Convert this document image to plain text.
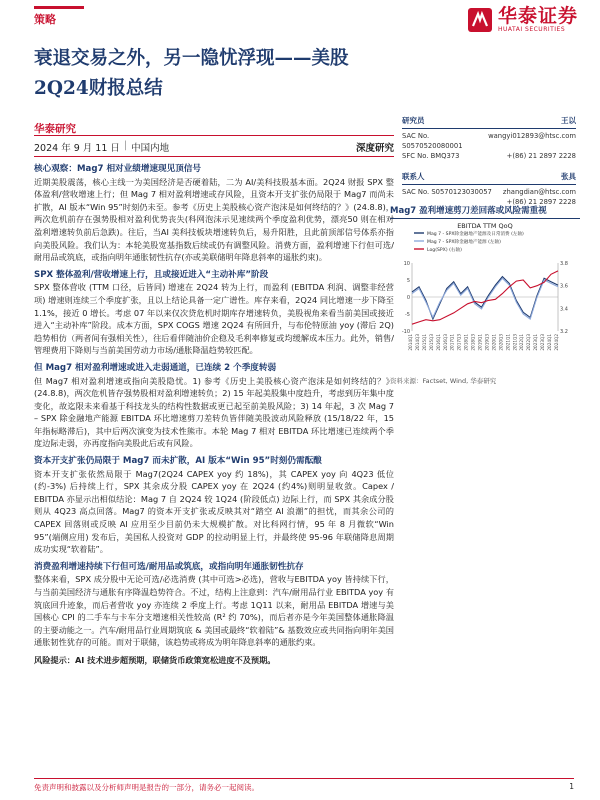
策略	华泰证券
HUATAI SECURITIES
衰退交易之外，另一隐忧浮现——美股2Q24财报总结
华泰研究
2024 年 9 月 11 日 | 中国内地	深度研究
核心观察：Mag7 相对业绩增速现见顶信号
近期美股震荡，核心主线一为美国经济是否硬着陆，二为 AI/美科技股基本面。2Q24 财报 SPX 整体盈利/营收增速上行；但 Mag 7 相对盈利增速或存风险，且资本开支扩张仍局限于 Mag7 而尚未扩散，AI 版本“Win 95”时刻仍未至。参考《历史上美股核心资产泡沫是如何终结的？》(24.8.8)，两次危机前存在强势股相对盈利优势丧失(科网泡沫示见速续两个季度盈利优势，漂亮50 则在相对盈利增速转负前后急跌)。往后，当AI 美科技板块增速转负后，易升阳胜，且此前顶部信号体系亦指向美股风险。我们认为：本轮美股宽基指数后续或仍有调整风险。消费方面，盈利增速下行但可选/耐用品或筑底，或指向明年通胀韧性抗存(亦或美联储明年降息斜率的遥胀约束)。
SPX 整体盈利/营收增速上行，且或接近进入“主动补库”阶段
SPX 整体营收 (TTM 口径，后皆同) 增速在 2Q24 转为上行，而盈利 (EBITDA 利润、调整非经营项) 增速则连续三个季度扩张，且以上结论具备一定广谱性。库存来看，2Q24 同比增速一步下降至 1.1%，接近 0 增长。考虑 07 年以来仅次贷危机时期库存增速转负，美股视角来看当前美国或接近进入“主动补库”阶段。成本方面，SPX COGS 增速 2Q24 有所回升，与布伦特原油 yoy (滞后 2Q) 趋势相仿（两者间有强相关性），往后看伴随油价企稳及毛利率修复或均缓解成本压力。此外，销售/管理费用下降则与当前美国劳动力市场/通胀降温趋势较匹配。
但 Mag7 相对盈利增速或进入走弱通道，已连续 2 个季度转弱
但 Mag7 相对盈利增速或指向美股隐忧。1) 参考《历史上美股核心资产泡沫是如何终结的？》(24.8.8)，两次危机皆存强势股相对盈利增速转负；2) 15 年起美股集中度趋升，考虑到历年集中度变化，故迄限未来看基于科技龙头的结构性数据或更已起至前美股风险；3) 14 年起，3 次 Mag 7 – SPX 除金融地产能源 EBITDA 环比增速剪刀差转负皆伴随美股波动风险释放 (15/18/22 年，15 年指标略滞后)，其中后两次演变为技术性熊市。本轮 Mag 7 相对 EBITDA 环比增速已连续两个季度边际走弱，亦再度指向美股此后或有风险。
资本开支扩张仍局限于 Mag7 而未扩散，AI 版本“Win 95”时刻仍需酝酿
资本开支扩张依然局限于 Mag7(2Q24 CAPEX yoy 约 18%)，其 CAPEX yoy 向 4Q23 低位 (约-3%) 后持续上行，SPX 其余成分股 CAPEX yoy 在 2Q24 (约4%)则明显收敛。Capex / EBITDA 亦显示出相似结论：Mag 7 自 2Q24 较 1Q24 (阶段低点) 边际上行，而 SPX 其余成分股则从 4Q23 高点回落。Mag7 的资本开支扩张或反映其对“踏空 AI 浪潮”的担忧，而其余公司的 CAPEX 回落则或反映 AI 应用至少目前仍未大规模扩散。对比科网行情，95 年 8 月微软“Win 95”(端侧应用) 发布后，美国私人投资对 GDP 的拉动明显上行，并最终使 95-96 年联储降息周期成功实现“软着陆”。
消费盈利增速持续下行但可选/耐用品或筑底，或指向明年通胀韧性抗存
整体来看，SPX 成分股中无论可选/必选消费 (其中可选>必选)，营收与EBITDA yoy 皆持续下行，与当前美国经济与通胀有序降温趋势符合。不过，结构上注意到：汽车/耐用品行业 EBITDA yoy 有筑底回升迹象，而后者营收 yoy 亦连续 2 季度上行。考虑 1Q11 以来，耐用品 EBITDA 增速与美国核心 CPI 的二手车与卡车分支增速相关性较高 (R² 约 70%)，而后者亦是今年美国整体通胀降温的主要动能之一。汽车/耐用品行业周期筑底 & 美国或最终“软着陆”& 基数效应或共同指向明年美国通胀韧性犹存的可能。而对于联储，该趋势或将成为明年降息斜率的通胀约束。
风险提示：AI 技术进步超预期，联储货币政策宽松进度不及预期。
研究员	王以
SAC No. S0570520080001
wangyi012893@htsc.com
SFC No. BMQ373	+(86) 21 2897 2228
联系人	张具
SAC No. S0570123030057 zhangdian@htsc.com
+(86) 21 2897 2228
Mag7 盈利增速剪刀差回落或风险需重视
EBITDA TTM QoQ
Mag 7 - SPX除金融地产能源及日常消费 (左轴)
Mag 7 - SPX除金融地产能源 (左轴)
Log(SPX) (右轴)
-10
-5
0
5
10
3.2
3.4
3.6
3.8
2014Q1 2014Q3 2015Q1 2015Q3 2016Q1 2016Q3 2017Q1 2017Q3 2018Q1 2018Q3 2019Q1 2019Q3 2020Q1 2020Q3 2021Q1 2021Q3 2022Q1 2022Q3 2023Q1 2023Q3 2024Q1 2024Q2
资料来源：Factset, Wind, 华泰研究
免责声明和披露以及分析师声明是报告的一部分，请务必一起阅读。	1
